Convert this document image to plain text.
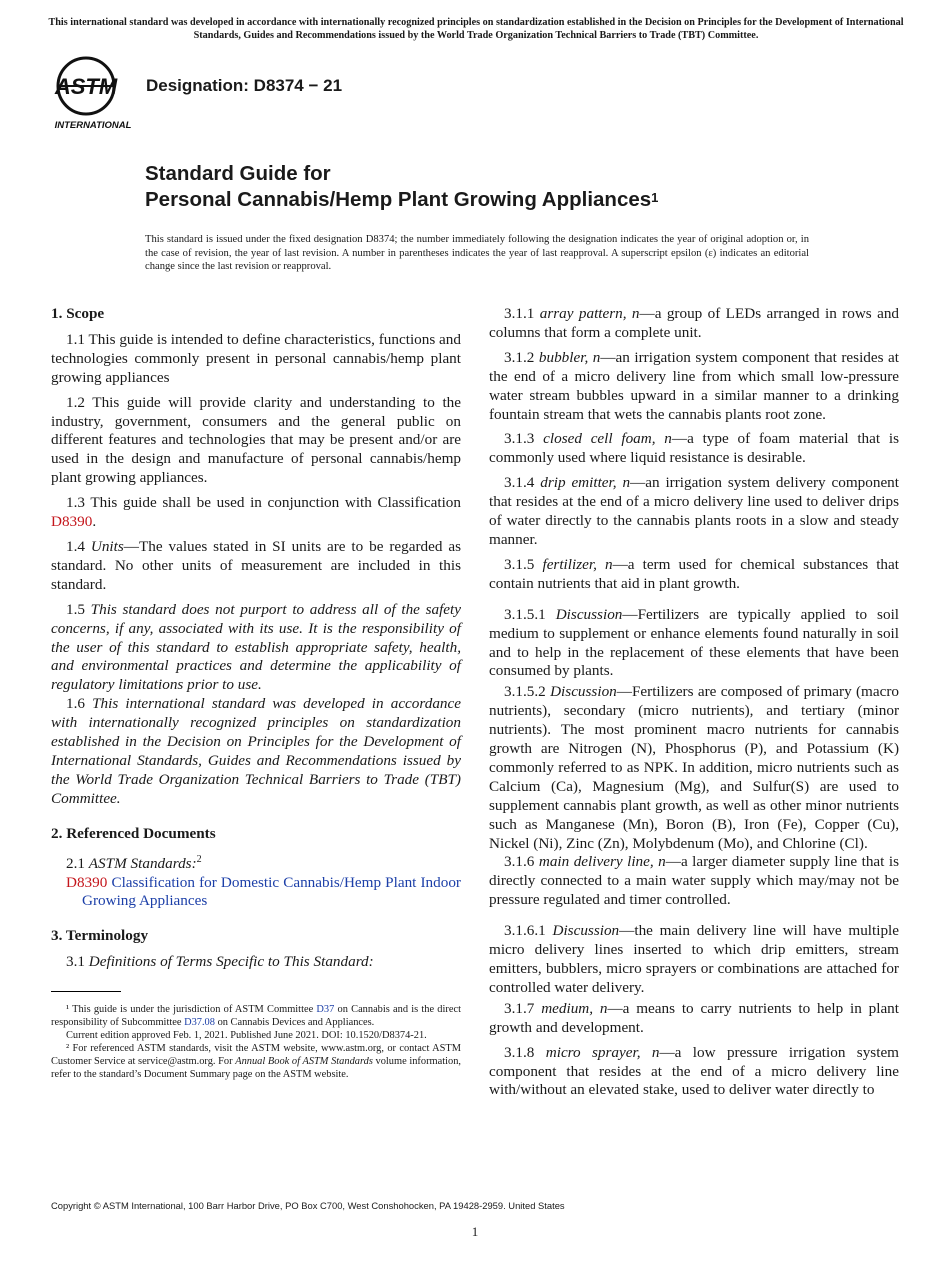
This international standard was developed in accordance with internationally recognized principles on standardization established in the Decision on Principles for the Development of International Standards, Guides and Recommendations issued by the World Trade Organization Technical Barriers to Trade (TBT) Committee.
ASTM
INTERNATIONAL
Designation: D8374 − 21
Standard Guide for
Personal Cannabis/Hemp Plant Growing Appliances$^1$
This standard is issued under the fixed designation D8374; the number immediately following the designation indicates the year of original adoption or, in the case of revision, the year of last revision. A number in parentheses indicates the year of last reapproval. A superscript epsilon (ε) indicates an editorial change since the last revision or reapproval.

1. Scope

1.1 This guide is intended to define characteristics, functions and technologies commonly present in personal cannabis/hemp plant growing appliances

1.2 This guide will provide clarity and understanding to the industry, government, consumers and the general public on different features and technologies that may be present and/or are used in the design and manufacture of personal cannabis/hemp plant growing appliances.

1.3 This guide shall be used in conjunction with Classification D8390.

1.4 Units—The values stated in SI units are to be regarded as standard. No other units of measurement are included in this standard.

1.5 This standard does not purport to address all of the safety concerns, if any, associated with its use. It is the responsibility of the user of this standard to establish appropriate safety, health, and environmental practices and determine the applicability of regulatory limitations prior to use.

1.6 This international standard was developed in accordance with internationally recognized principles on standardization established in the Decision on Principles for the Development of International Standards, Guides and Recommendations issued by the World Trade Organization Technical Barriers to Trade (TBT) Committee.

2. Referenced Documents

2.1 ASTM Standards:$^2$

D8390 Classification for Domestic Cannabis/Hemp Plant Indoor Growing Appliances

3. Terminology

3.1 Definitions of Terms Specific to This Standard:

3.1.1 array pattern, n—a group of LEDs arranged in rows and columns that form a complete unit.

3.1.2 bubbler, n—an irrigation system component that resides at the end of a micro delivery line from which small low-pressure water stream bubbles upward in a similar manner to a drinking fountain stream that wets the cannabis plants root zone.

3.1.3 closed cell foam, n—a type of foam material that is commonly used where liquid resistance is desirable.

3.1.4 drip emitter, n—an irrigation system delivery component that resides at the end of a micro delivery line used to deliver drips of water directly to the cannabis plants roots in a slow and steady manner.

3.1.5 fertilizer, n—a term used for chemical substances that contain nutrients that aid in plant growth.

3.1.5.1 Discussion—Fertilizers are typically applied to soil medium to supplement or enhance elements found naturally in soil and to help in the replacement of these elements that have been consumed by plants.

3.1.5.2 Discussion—Fertilizers are composed of primary (macro nutrients), secondary (micro nutrients), and tertiary (minor nutrients). The most prominent macro nutrients for cannabis growth are Nitrogen (N), Phosphorus (P), and Potassium (K) commonly referred to as NPK. In addition, micro nutrients such as Calcium (Ca), Magnesium (Mg), and Sulfur(S) are used to supplement cannabis plant growth, as well as other minor nutrients such as Manganese (Mn), Boron (B), Iron (Fe), Copper (Cu), Nickel (Ni), Zinc (Zn), Molybdenum (Mo), and Chlorine (Cl).

3.1.6 main delivery line, n—a larger diameter supply line that is directly connected to a main water supply which may/may not be pressure regulated and timer controlled.

3.1.6.1 Discussion—the main delivery line will have multiple micro delivery lines inserted to which drip emitters, stream emitters, bubblers, micro sprayers or combinations are attached for controlled water delivery.

3.1.7 medium, n—a means to carry nutrients to help in plant growth and development.

3.1.8 micro sprayer, n—a low pressure irrigation system component that resides at the end of a micro delivery line with/without an elevated stake, used to deliver water directly to

¹ This guide is under the jurisdiction of ASTM Committee D37 on Cannabis and is the direct responsibility of Subcommittee D37.08 on Cannabis Devices and Appliances.

Current edition approved Feb. 1, 2021. Published June 2021. DOI: 10.1520/D8374-21.

² For referenced ASTM standards, visit the ASTM website, www.astm.org, or contact ASTM Customer Service at service@astm.org. For Annual Book of ASTM Standards volume information, refer to the standard’s Document Summary page on the ASTM website.

Copyright © ASTM International, 100 Barr Harbor Drive, PO Box C700, West Conshohocken, PA 19428-2959. United States
1
